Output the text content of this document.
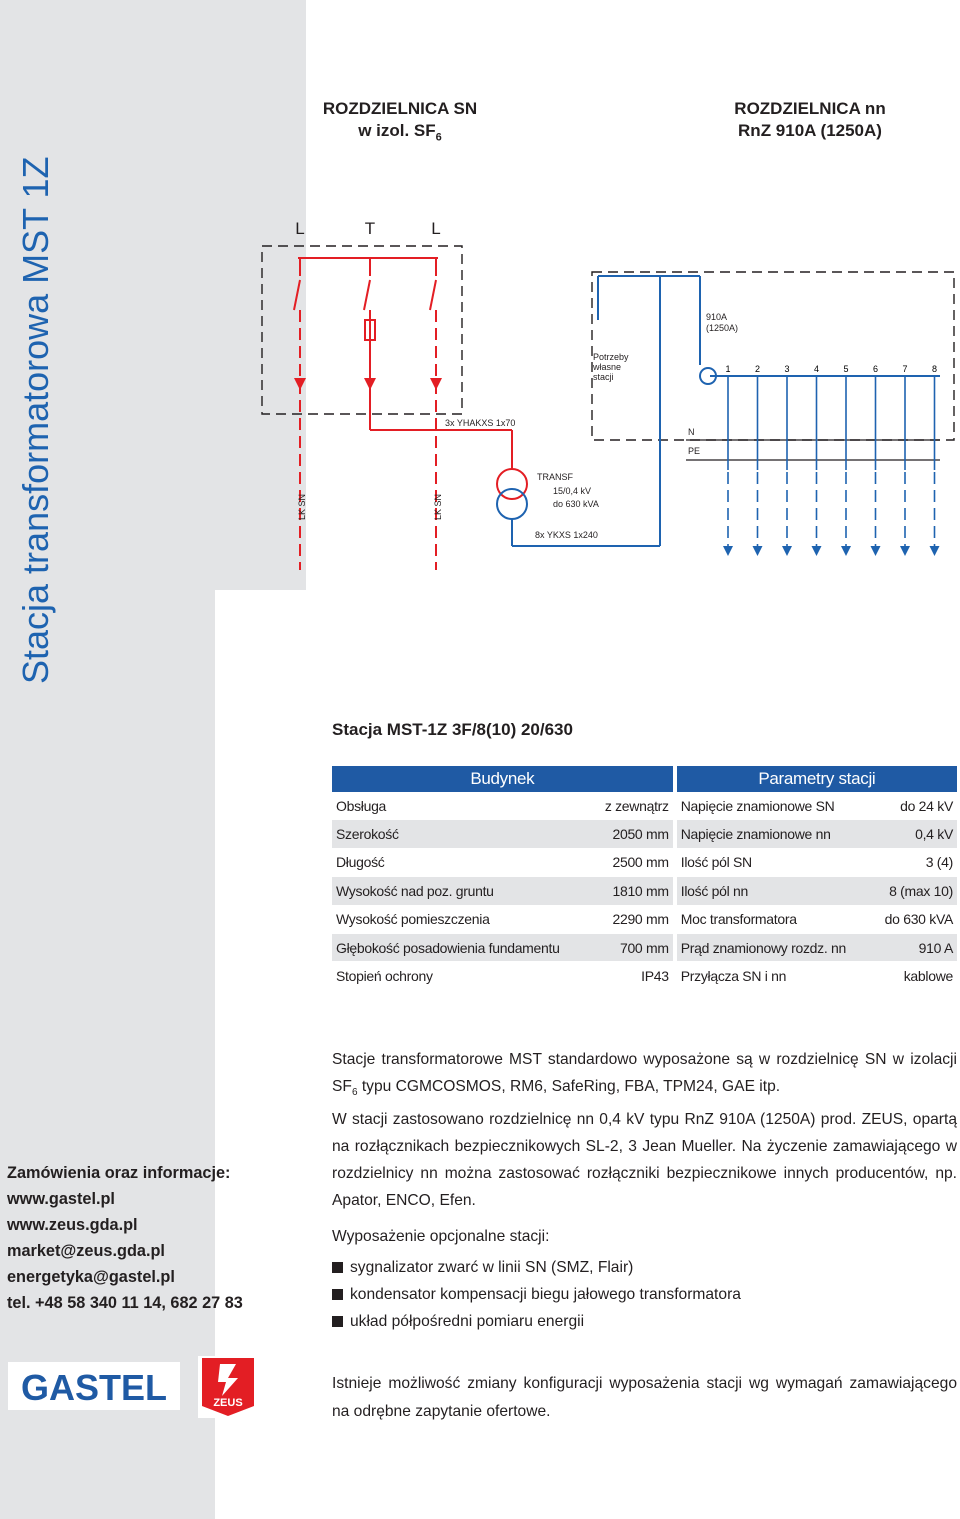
Stacja transformatorowa MST 1Z
ROZDZIELNICA SN
w izol. $SF_6$
ROZDZIELNICA nn
RnZ 910A (1250A)
L	T	L
TRANSF
15/0,4 kV
do 630 kVA
3x YHAKXS 1x70
8x YKXS 1x240
LK SN	LK SN
Potrzeby
własne
stacji
910A
(1250A)
N
PE
1	2	3	4	5	6	7	8
Stacja MST-1Z 3F/8(10) 20/630
Budynek			Parametry stacji	
Obsługa	z zewnątrz		Napięcie znamionowe SN	do 24 kV
Szerokość	2050 mm		Napięcie znamionowe nn	0,4 kV
Długość	2500 mm		Ilość pól SN	3 (4)
Wysokość nad poz. gruntu	1810 mm		Ilość pól nn	8 (max 10)
Wysokość pomieszczenia	2290 mm		Moc transformatora	do 630 kVA
Głębokość posadowienia fundamentu	700 mm		Prąd znamionowy rozdz. nn	910 A
Stopień ochrony	IP43		Przyłącza SN i nn	kablowe

Stacje transformatorowe MST standardowo wyposażone są w rozdzielnicę SN w izolacji $SF_6$ typu CGMCOSMOS, RM6, SafeRing, FBA, TPM24, GAE itp.

W stacji zastosowano rozdzielnicę nn 0,4 kV typu RnZ 910A (1250A) prod. ZEUS, opartą na rozłącznikach bezpiecznikowych SL-2, 3 Jean Mueller. Na życzenie zamawiającego w rozdzielnicy nn można zastosować rozłączniki bezpiecznikowe innych producentów, np. Apator, ENCO, Efen.

Wyposażenie opcjonalne stacji:
sygnalizator zwarć w linii SN (SMZ, Flair)
kondensator kompensacji biegu jałowego transformatora
układ półpośredni pomiaru energii
Istnieje możliwość zmiany konfiguracji wyposażenia stacji wg wymagań zamawiającego na odrębne zapytanie ofertowe.
Zamówienia oraz informacje:
www.gastel.pl
www.zeus.gda.pl
market@zeus.gda.pl
energetyka@gastel.pl
tel. +48 58 340 11 14, 682 27 83
GASTEL	ZEUS
